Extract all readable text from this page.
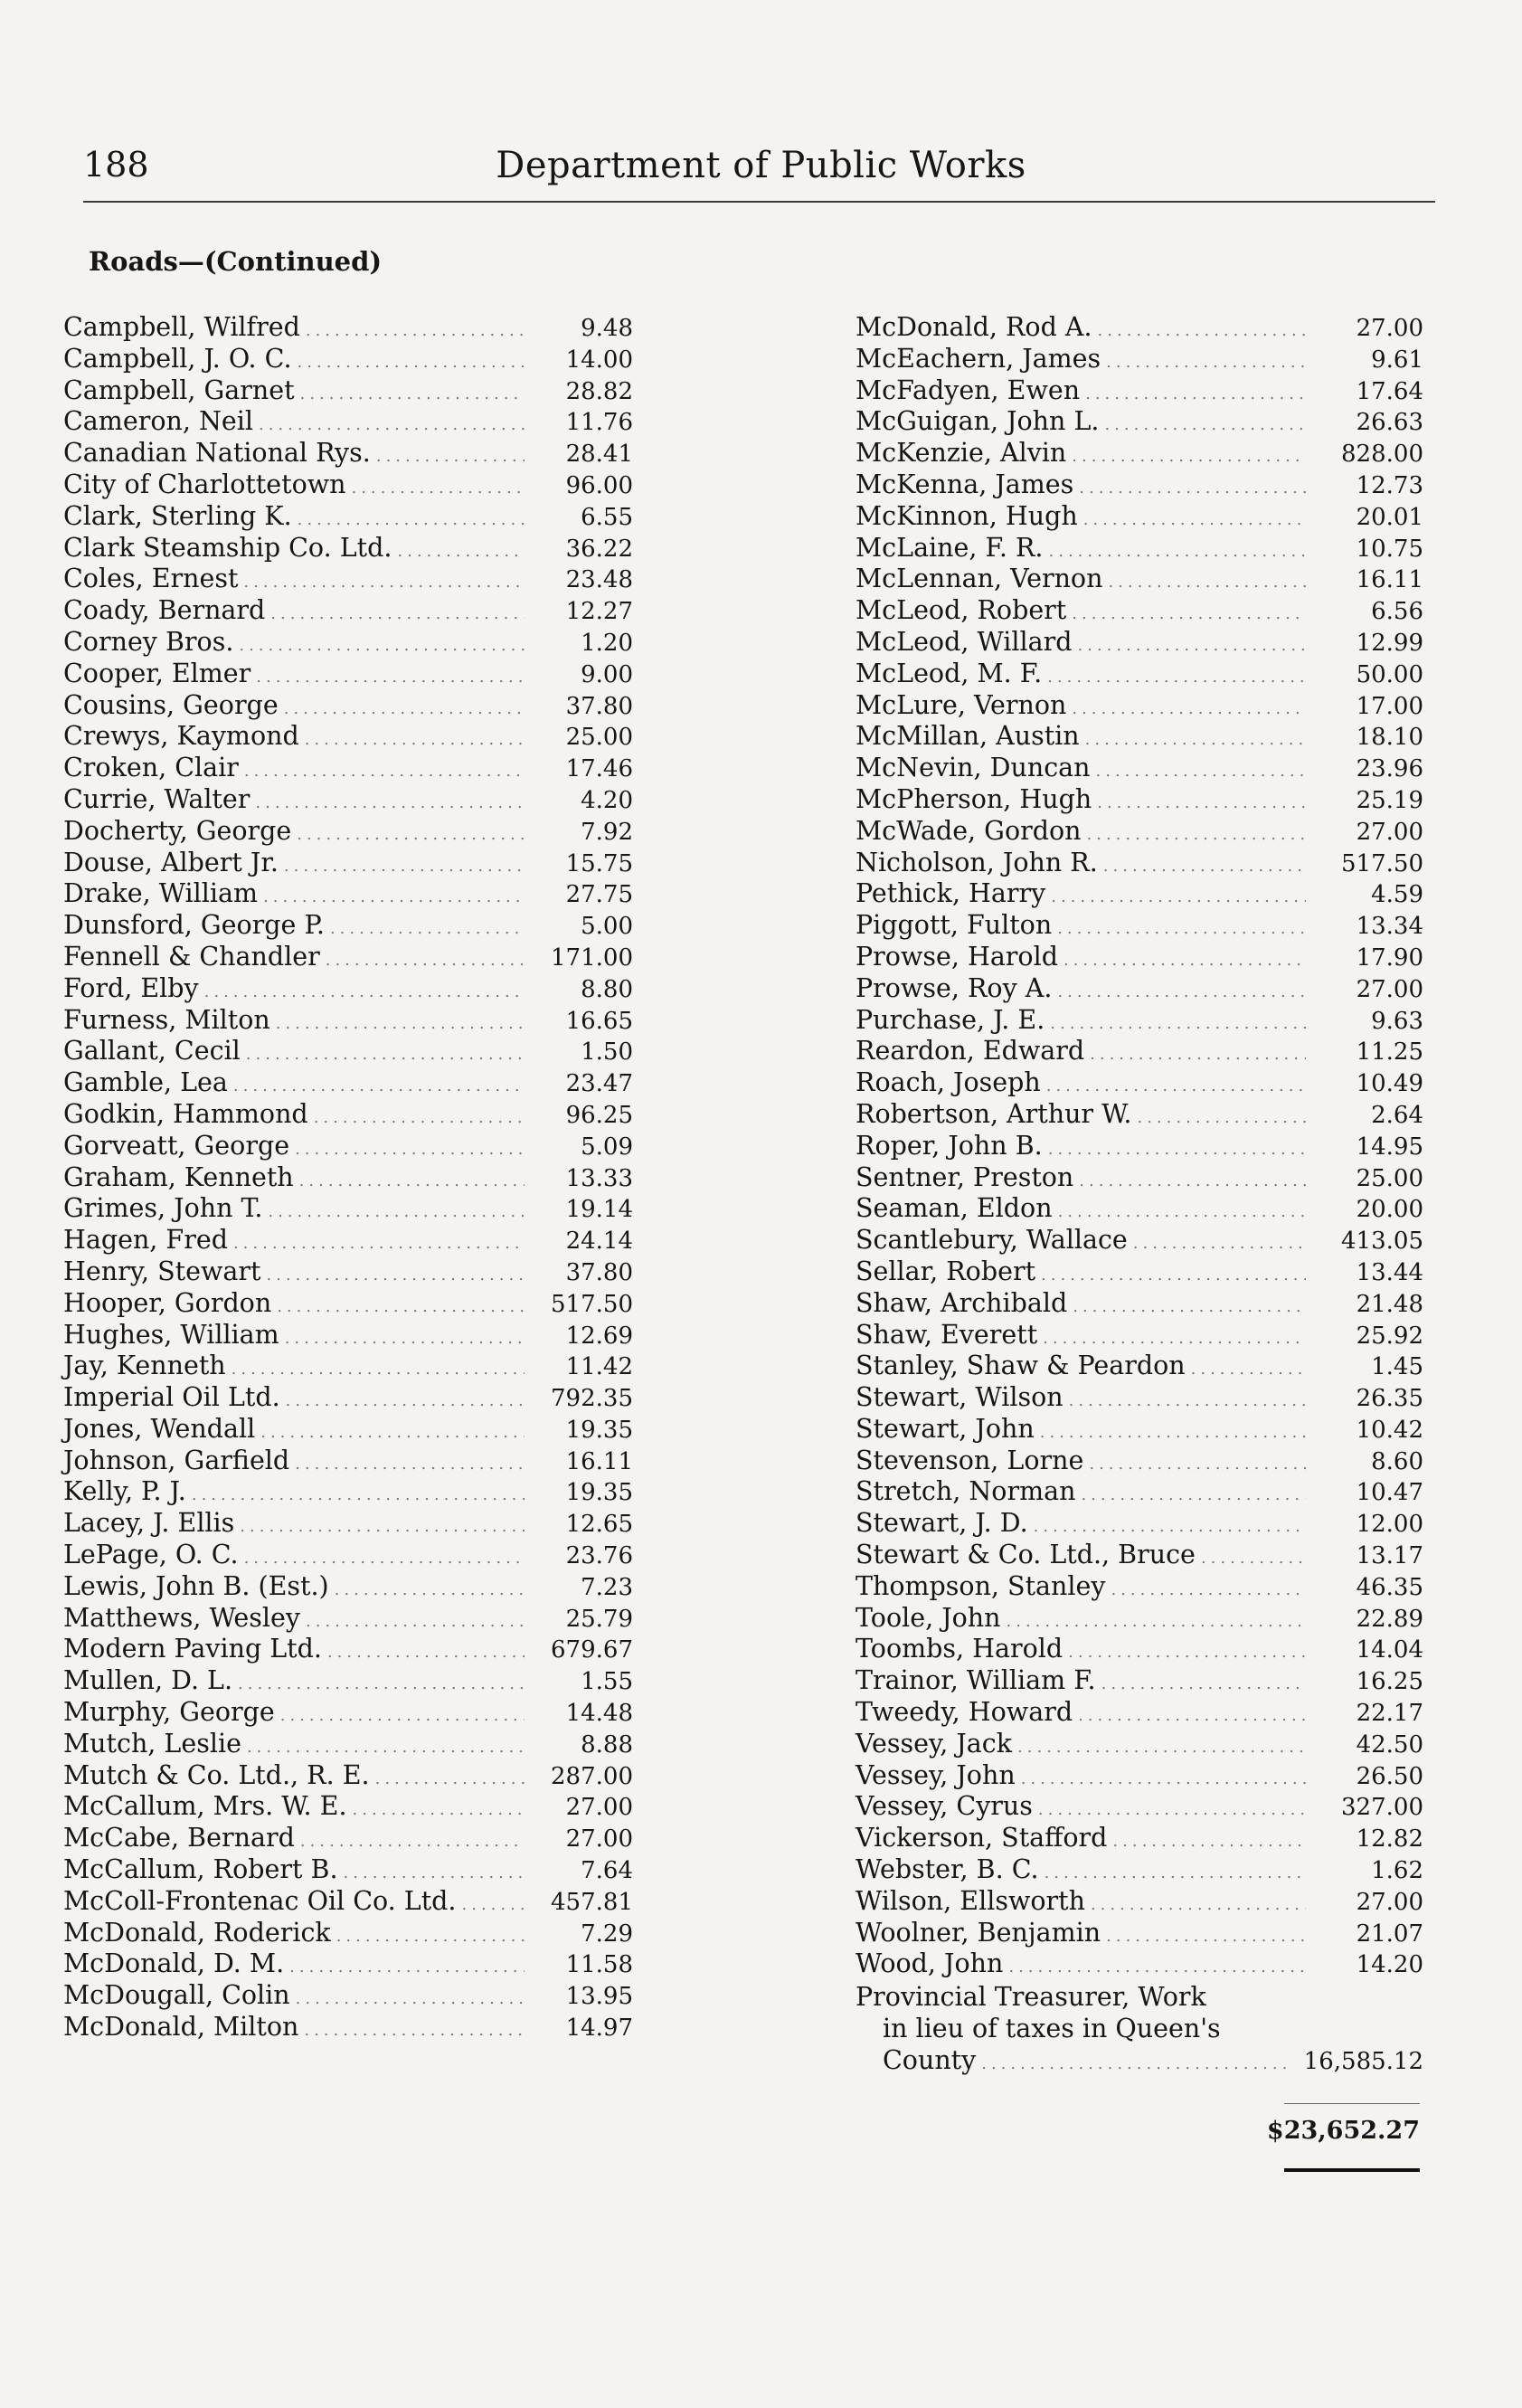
188	Department of Public Works
Roads—(Continued)
Campbell, Wilfred .....	9.48
Campbell, J. O. C. .....	14.00
Campbell, Garnet .....	28.82
Cameron, Neil .....	11.76
Canadian National Rys. .....	28.41
City of Charlottetown .....	96.00
Clark, Sterling K. .....	6.55
Clark Steamship Co. Ltd. .....	36.22
Coles, Ernest .....	23.48
Coady, Bernard .....	12.27
Corney Bros. .....	1.20
Cooper, Elmer .....	9.00
Cousins, George .....	37.80
Crewys, Kaymond .....	25.00
Croken, Clair .....	17.46
Currie, Walter .....	4.20
Docherty, George .....	7.92
Douse, Albert Jr. .....	15.75
Drake, William .....	27.75
Dunsford, George P. .....	5.00
Fennell & Chandler .....	171.00
Ford, Elby .....	8.80
Furness, Milton .....	16.65
Gallant, Cecil .....	1.50
Gamble, Lea .....	23.47
Godkin, Hammond .....	96.25
Gorveatt, George .....	5.09
Graham, Kenneth .....	13.33
Grimes, John T. .....	19.14
Hagen, Fred .....	24.14
Henry, Stewart .....	37.80
Hooper, Gordon .....	517.50
Hughes, William .....	12.69
Jay, Kenneth .....	11.42
Imperial Oil Ltd. .....	792.35
Jones, Wendall .....	19.35
Johnson, Garfield .....	16.11
Kelly, P. J. .....	19.35
Lacey, J. Ellis .....	12.65
LePage, O. C. .....	23.76
Lewis, John B. (Est.) .....	7.23
Matthews, Wesley .....	25.79
Modern Paving Ltd. .....	679.67
Mullen, D. L. .....	1.55
Murphy, George .....	14.48
Mutch, Leslie .....	8.88
Mutch & Co. Ltd., R. E. .....	287.00
McCallum, Mrs. W. E. .....	27.00
McCabe, Bernard .....	27.00
McCallum, Robert B. .....	7.64
McColl-Frontenac Oil Co. Ltd. .....	457.81
McDonald, Roderick .....	7.29
McDonald, D. M. .....	11.58
McDougall, Colin .....	13.95
McDonald, Milton .....	14.97
McDonald, Rod A. .....	27.00
McEachern, James .....	9.61
McFadyen, Ewen .....	17.64
McGuigan, John L. .....	26.63
McKenzie, Alvin .....	828.00
McKenna, James .....	12.73
McKinnon, Hugh .....	20.01
McLaine, F. R. .....	10.75
McLennan, Vernon .....	16.11
McLeod, Robert .....	6.56
McLeod, Willard .....	12.99
McLeod, M. F. .....	50.00
McLure, Vernon .....	17.00
McMillan, Austin .....	18.10
McNevin, Duncan .....	23.96
McPherson, Hugh .....	25.19
McWade, Gordon .....	27.00
Nicholson, John R. .....	517.50
Pethick, Harry .....	4.59
Piggott, Fulton .....	13.34
Prowse, Harold .....	17.90
Prowse, Roy A. .....	27.00
Purchase, J. E. .....	9.63
Reardon, Edward .....	11.25
Roach, Joseph .....	10.49
Robertson, Arthur W. .....	2.64
Roper, John B. .....	14.95
Sentner, Preston .....	25.00
Seaman, Eldon .....	20.00
Scantlebury, Wallace .....	413.05
Sellar, Robert .....	13.44
Shaw, Archibald .....	21.48
Shaw, Everett .....	25.92
Stanley, Shaw & Peardon .....	1.45
Stewart, Wilson .....	26.35
Stewart, John .....	10.42
Stevenson, Lorne .....	8.60
Stretch, Norman .....	10.47
Stewart, J. D. .....	12.00
Stewart & Co. Ltd., Bruce .....	13.17
Thompson, Stanley .....	46.35
Toole, John .....	22.89
Toombs, Harold .....	14.04
Trainor, William F. .....	16.25
Tweedy, Howard .....	22.17
Vessey, Jack .....	42.50
Vessey, John .....	26.50
Vessey, Cyrus .....	327.00
Vickerson, Stafford .....	12.82
Webster, B. C. .....	1.62
Wilson, Ellsworth .....	27.00
Woolner, Benjamin .....	21.07
Wood, John .....	14.20
Provincial Treasurer, Work
in lieu of taxes in Queen's
County .....	16,585.12
$23,652.27
